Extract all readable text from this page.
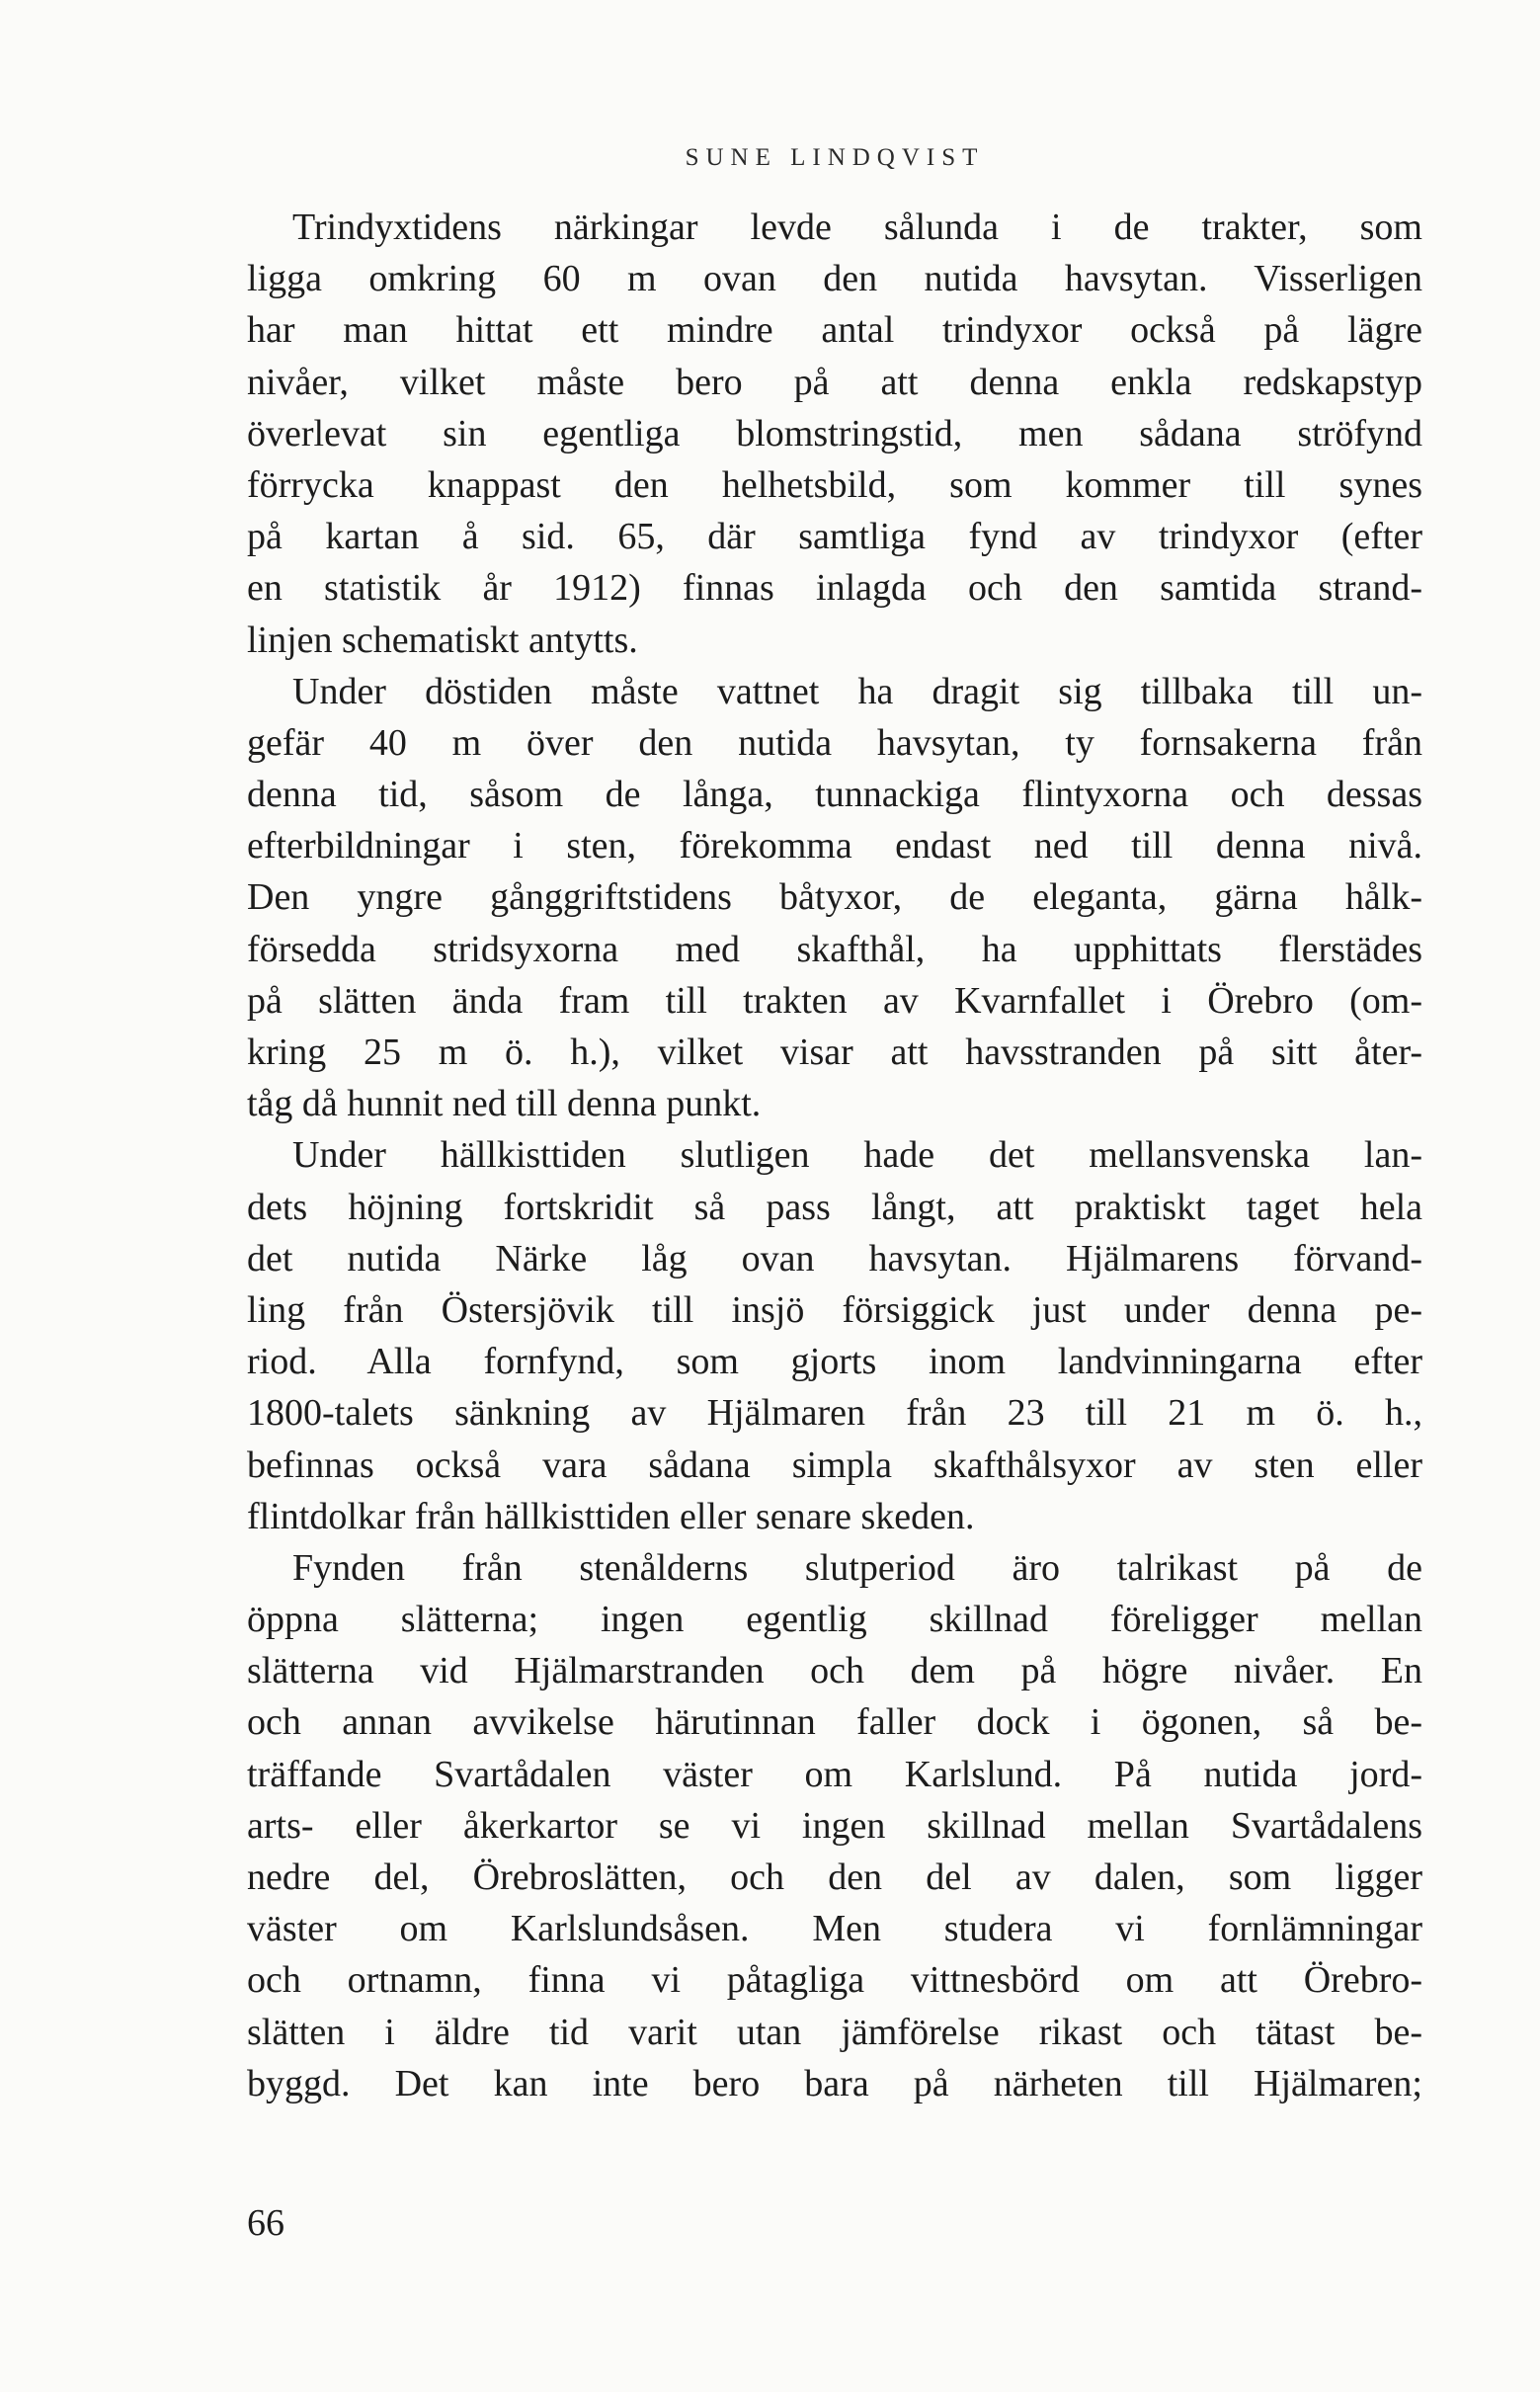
SUNE LINDQVIST
Trindyxtidens närkingar levde sålunda i de trakter, som
ligga omkring 60 m ovan den nutida havsytan. Visserligen
har man hittat ett mindre antal trindyxor också på lägre
nivåer, vilket måste bero på att denna enkla redskapstyp
överlevat sin egentliga blomstringstid, men sådana ströfynd
förrycka knappast den helhetsbild, som kommer till synes
på kartan å sid. 65, där samtliga fynd av trindyxor (efter
en statistik år 1912) finnas inlagda och den samtida strand-
linjen schematiskt antytts.
Under döstiden måste vattnet ha dragit sig tillbaka till un-
gefär 40 m över den nutida havsytan, ty fornsakerna från
denna tid, såsom de långa, tunnackiga flintyxorna och dessas
efterbildningar i sten, förekomma endast ned till denna nivå.
Den yngre gånggriftstidens båtyxor, de eleganta, gärna hålk-
försedda stridsyxorna med skafthål, ha upphittats flerstädes
på slätten ända fram till trakten av Kvarnfallet i Örebro (om-
kring 25 m ö. h.), vilket visar att havsstranden på sitt åter-
tåg då hunnit ned till denna punkt.
Under hällkisttiden slutligen hade det mellansvenska lan-
dets höjning fortskridit så pass långt, att praktiskt taget hela
det nutida Närke låg ovan havsytan. Hjälmarens förvand-
ling från Östersjövik till insjö försiggick just under denna pe-
riod. Alla fornfynd, som gjorts inom landvinningarna efter
1800-talets sänkning av Hjälmaren från 23 till 21 m ö. h.,
befinnas också vara sådana simpla skafthålsyxor av sten eller
flintdolkar från hällkisttiden eller senare skeden.
Fynden från stenålderns slutperiod äro talrikast på de
öppna slätterna; ingen egentlig skillnad föreligger mellan
slätterna vid Hjälmarstranden och dem på högre nivåer. En
och annan avvikelse härutinnan faller dock i ögonen, så be-
träffande Svartådalen väster om Karlslund. På nutida jord-
arts- eller åkerkartor se vi ingen skillnad mellan Svartådalens
nedre del, Örebroslätten, och den del av dalen, som ligger
väster om Karlslundsåsen. Men studera vi fornlämningar
och ortnamn, finna vi påtagliga vittnesbörd om att Örebro-
slätten i äldre tid varit utan jämförelse rikast och tätast be-
byggd. Det kan inte bero bara på närheten till Hjälmaren;
66
